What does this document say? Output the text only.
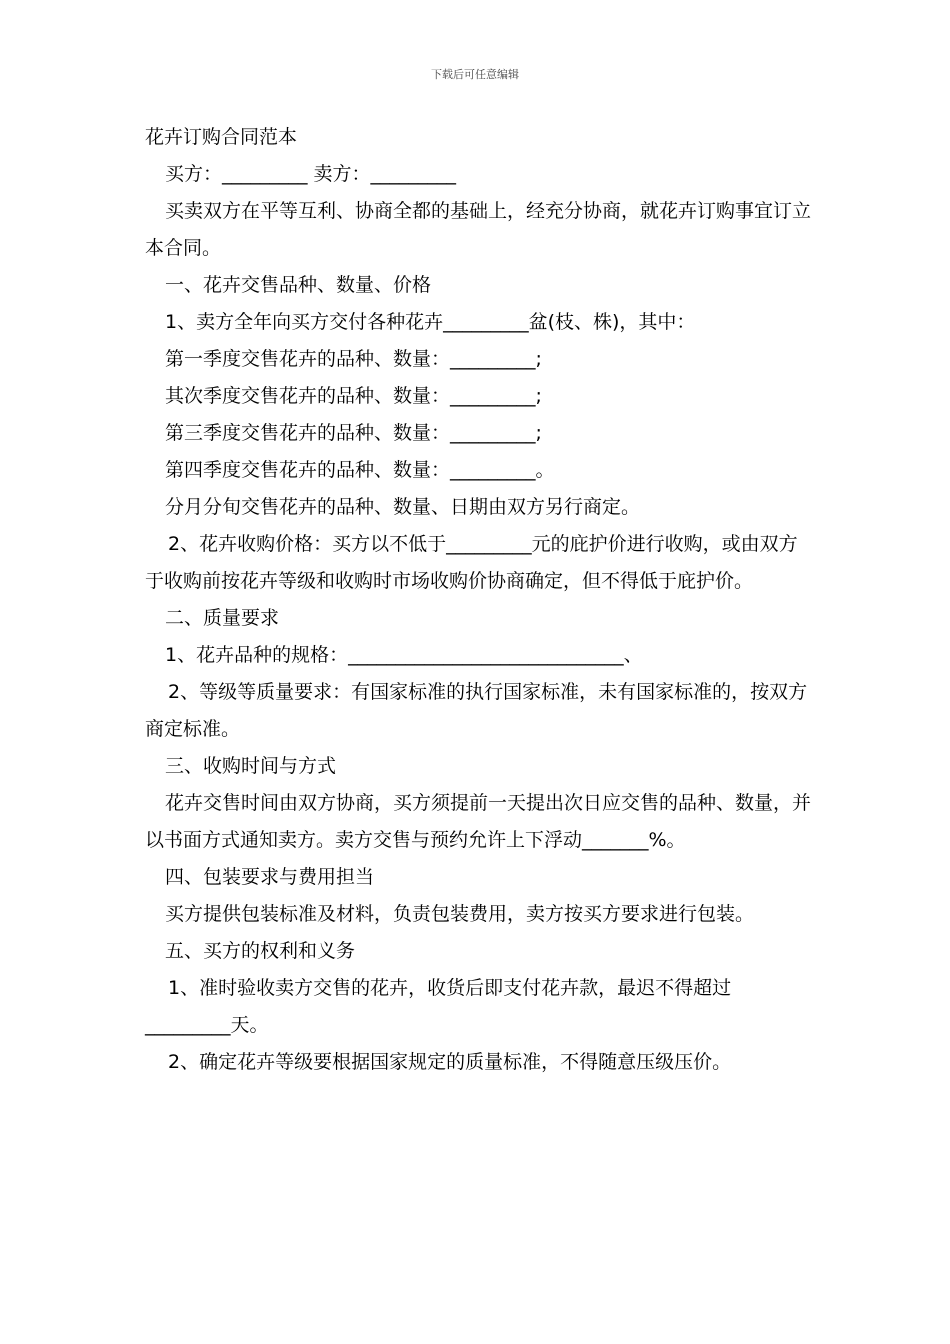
下载后可任意编辑

花卉订购合同范本

买方：_________ 卖方：_________

买卖双方在平等互利、协商全都的基础上，经充分协商，就花卉订购事宜订立本合同。

一、花卉交售品种、数量、价格

1、卖方全年向买方交付各种花卉_________盆(枝、株)，其中：

第一季度交售花卉的品种、数量：_________;

其次季度交售花卉的品种、数量：_________;

第三季度交售花卉的品种、数量：_________;

第四季度交售花卉的品种、数量：_________。

分月分旬交售花卉的品种、数量、日期由双方另行商定。

2、花卉收购价格：买方以不低于_________元的庇护价进行收购，或由双方于收购前按花卉等级和收购时市场收购价协商确定，但不得低于庇护价。

二、质量要求

1、花卉品种的规格：_____________________________、

2、等级等质量要求：有国家标准的执行国家标准，未有国家标准的，按双方商定标准。

三、收购时间与方式

花卉交售时间由双方协商，买方须提前一天提出次日应交售的品种、数量，并以书面方式通知卖方。卖方交售与预约允许上下浮动_______%。

四、包装要求与费用担当

买方提供包装标准及材料，负责包装费用，卖方按买方要求进行包装。

五、买方的权利和义务

1、准时验收卖方交售的花卉，收货后即支付花卉款，最迟不得超过_________天。

2、确定花卉等级要根据国家规定的质量标准，不得随意压级压价。
